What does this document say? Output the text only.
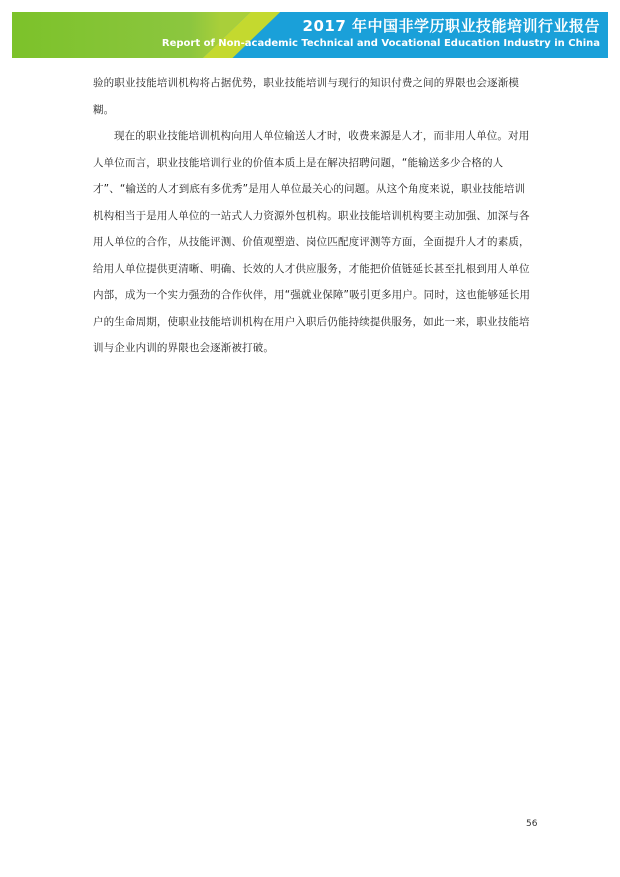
2017 年中国非学历职业技能培训行业报告
Report of Non-academic Technical and Vocational Education Industry in China

验的职业技能培训机构将占据优势，职业技能培训与现行的知识付费之间的界限也会逐渐模糊。

现在的职业技能培训机构向用人单位输送人才时，收费来源是人才，而非用人单位。对用人单位而言，职业技能培训行业的价值本质上是在解决招聘问题，“能输送多少合格的人才”、“输送的人才到底有多优秀”是用人单位最关心的问题。从这个角度来说，职业技能培训机构相当于是用人单位的一站式人力资源外包机构。职业技能培训机构要主动加强、加深与各用人单位的合作，从技能评测、价值观塑造、岗位匹配度评测等方面，全面提升人才的素质，给用人单位提供更清晰、明确、长效的人才供应服务，才能把价值链延长甚至扎根到用人单位内部，成为一个实力强劲的合作伙伴，用“强就业保障”吸引更多用户。同时，这也能够延长用户的生命周期，使职业技能培训机构在用户入职后仍能持续提供服务，如此一来，职业技能培训与企业内训的界限也会逐渐被打破。

56
